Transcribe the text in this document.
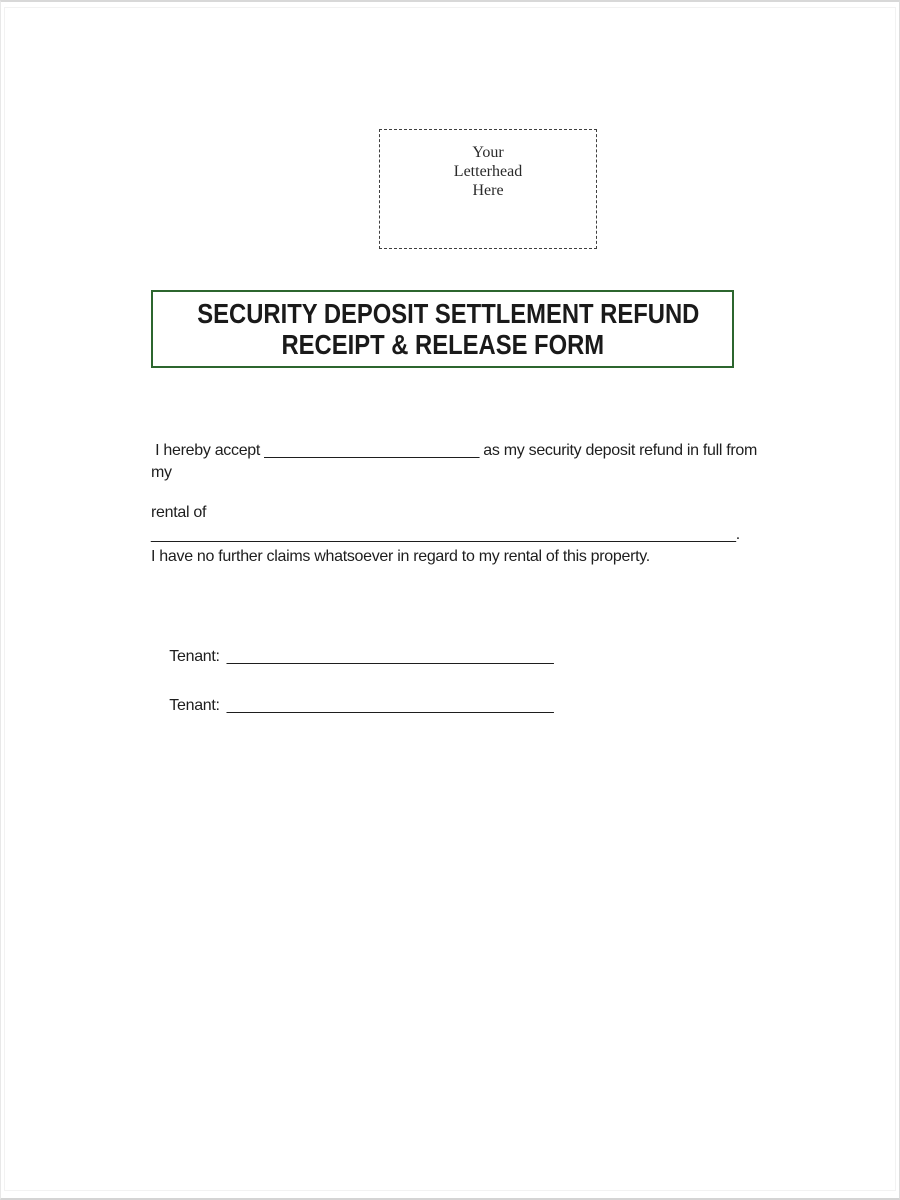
Your
Letterhead
Here
SECURITY DEPOSIT SETTLEMENT REFUND
RECEIPT & RELEASE FORM
I hereby accept _________________________ as my security deposit refund in full from
my
rental of
____________________________________________________________________.
I have no further claims whatsoever in regard to my rental of this property.

Tenant: ______________________________________

Tenant: ______________________________________
